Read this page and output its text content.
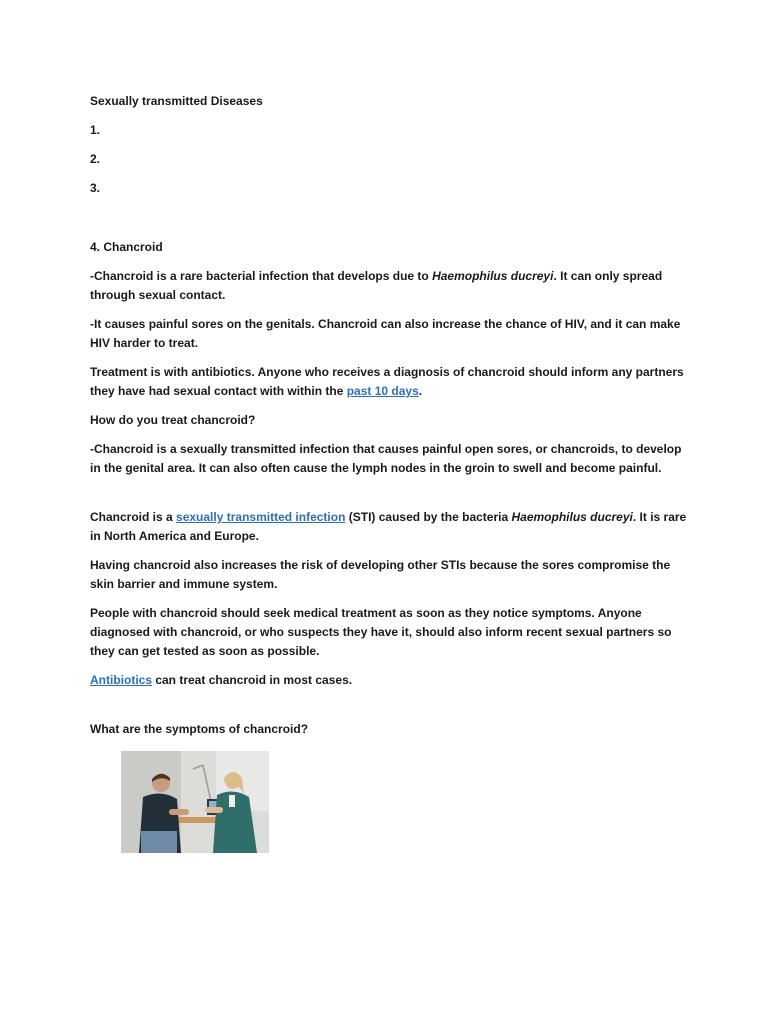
Sexually transmitted Diseases

1.

2.

3.

4. Chancroid

-Chancroid is a rare bacterial infection that develops due to Haemophilus ducreyi. It can only spread through sexual contact.

-It causes painful sores on the genitals. Chancroid can also increase the chance of HIV, and it can make HIV harder to treat.

Treatment is with antibiotics. Anyone who receives a diagnosis of chancroid should inform any partners they have had sexual contact with within the past 10 days.

How do you treat chancroid?

-Chancroid is a sexually transmitted infection that causes painful open sores, or chancroids, to develop in the genital area. It can also often cause the lymph nodes in the groin to swell and become painful.

Chancroid is a sexually transmitted infection (STI) caused by the bacteria Haemophilus ducreyi. It is rare in North America and Europe.

Having chancroid also increases the risk of developing other STIs because the sores compromise the skin barrier and immune system.

People with chancroid should seek medical treatment as soon as they notice symptoms. Anyone diagnosed with chancroid, or who suspects they have it, should also inform recent sexual partners so they can get tested as soon as possible.

Antibiotics can treat chancroid in most cases.

What are the symptoms of chancroid?
